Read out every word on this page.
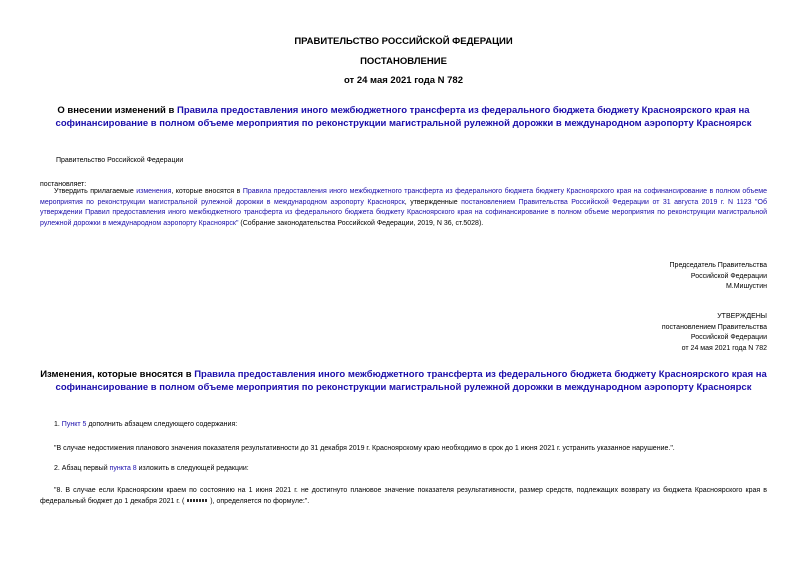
ПРАВИТЕЛЬСТВО РОССИЙСКОЙ ФЕДЕРАЦИИ
ПОСТАНОВЛЕНИЕ
от 24 мая 2021 года N 782
О внесении изменений в Правила предоставления иного межбюджетного трансферта из федерального бюджета бюджету Красноярского края на софинансирование в полном объеме мероприятия по реконструкции магистральной рулежной дорожки в международном аэропорту Красноярск
Правительство Российской Федерации
постановляет:
Утвердить прилагаемые изменения, которые вносятся в Правила предоставления иного межбюджетного трансферта из федерального бюджета бюджету Красноярского края на софинансирование в полном объеме мероприятия по реконструкции магистральной рулежной дорожки в международном аэропорту Красноярск, утвержденные постановлением Правительства Российской Федерации от 31 августа 2019 г. N 1123 "Об утверждении Правил предоставления иного межбюджетного трансферта из федерального бюджета бюджету Красноярского края на софинансирование в полном объеме мероприятия по реконструкции магистральной рулежной дорожки в международном аэропорту Красноярск" (Собрание законодательства Российской Федерации, 2019, N 36, ст.5028).
Председатель Правительства
Российской Федерации
М.Мишустин
УТВЕРЖДЕНЫ
постановлением Правительства
Российской Федерации
от 24 мая 2021 года N 782
Изменения, которые вносятся в Правила предоставления иного межбюджетного трансферта из федерального бюджета бюджету Красноярского края на софинансирование в полном объеме мероприятия по реконструкции магистральной рулежной дорожки в международном аэропорту Красноярск
1. Пункт 5 дополнить абзацем следующего содержания:
"В случае недостижения планового значения показателя результативности до 31 декабря 2019 г. Красноярскому краю необходимо в срок до 1 июня 2021 г. устранить указанное нарушение.".
2. Абзац первый пункта 8 изложить в следующей редакции:
"8. В случае если Красноярским краем по состоянию на 1 июня 2021 г. не достигнуто плановое значение показателя результативности, размер средств, подлежащих возврату из бюджета Красноярского края в федеральный бюджет до 1 декабря 2021 г. (	), определяется по формуле:".
